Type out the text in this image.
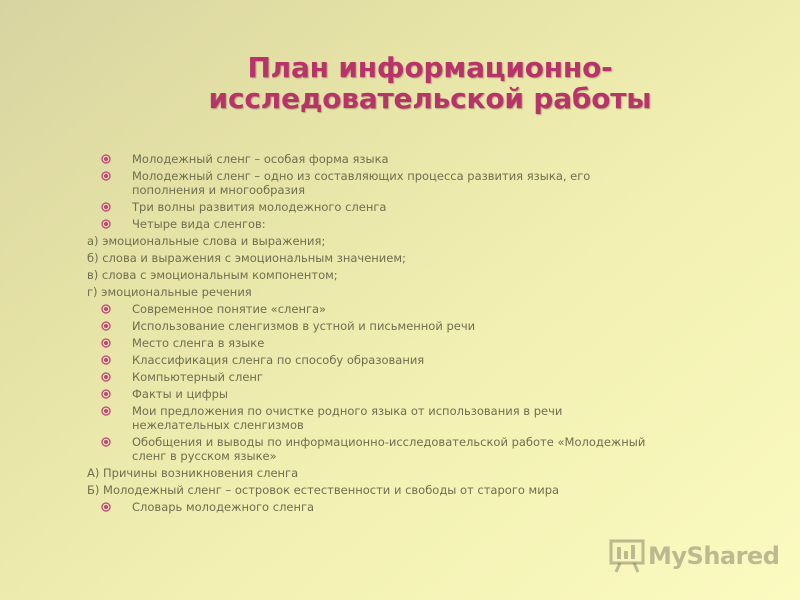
План информационно-
исследовательской работы
Молодежный сленг – особая форма языка
Молодежный сленг – одно из составляющих процесса развития языка, его пополнения и многообразия
Три волны развития молодежного сленга
Четыре вида сленгов:
а) эмоциональные слова и выражения;
б) слова и выражения с эмоциональным значением;
в) слова с эмоциональным компонентом;
г) эмоциональные речения
Современное понятие «сленга»
Использование сленгизмов в устной и письменной речи
Место сленга в языке
Классификация сленга по способу образования
Компьютерный сленг
Факты и цифры
Мои предложения по очистке родного языка от использования в речи нежелательных сленгизмов
Обобщения и выводы по информационно-исследовательской работе «Молодежный сленг в русском языке»
А) Причины возникновения сленга
Б) Молодежный сленг – островок естественности и свободы от старого мира
Словарь молодежного сленга
MyShared
